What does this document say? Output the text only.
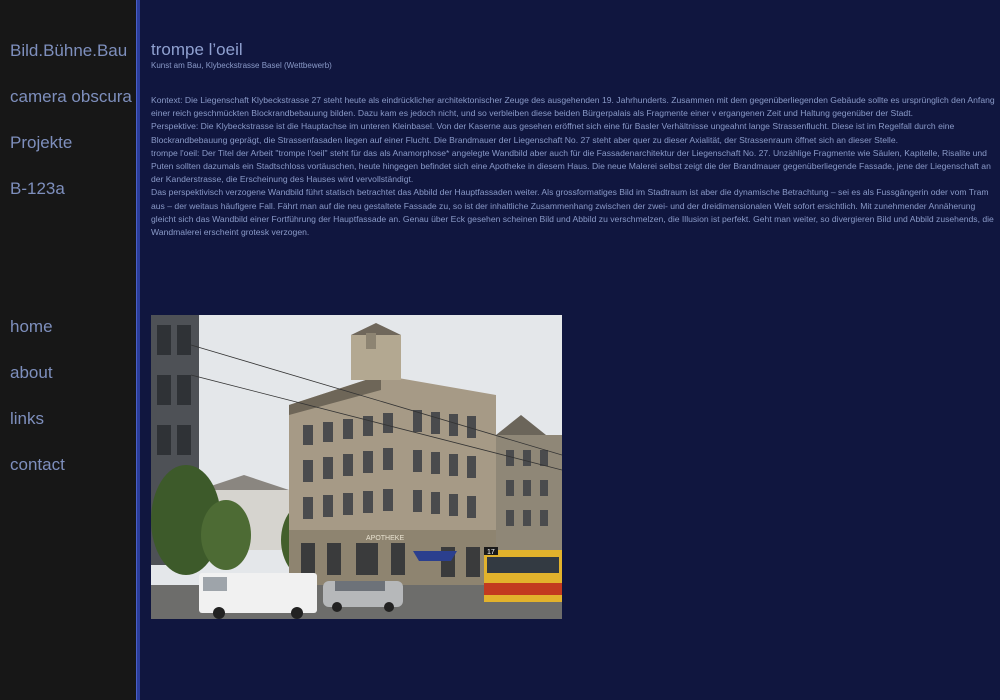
Bild.Bühne.Bau
camera obscura
Projekte
B-123a
home
about
links
contact
trompe l’oeil
Kunst am Bau, Klybeckstrasse Basel (Wettbewerb)

Kontext: Die Liegenschaft Klybeckstrasse 27 steht heute als eindrücklicher architektonischer Zeuge des ausgehenden 19. Jahrhunderts. Zusammen mit dem gegenüberliegenden Gebäude sollte es ursprünglich den Anfang einer reich geschmückten Blockrandbebauung bilden. Dazu kam es jedoch nicht, und so verbleiben diese beiden Bürgerpalais als Fragmente einer v ergangenen Zeit und Haltung gegenüber der Stadt.

Perspektive: Die Klybeckstrasse ist die Hauptachse im unteren Kleinbasel. Von der Kaserne aus gesehen eröffnet sich eine für Basler Verhältnisse ungeahnt lange Strassenflucht. Diese ist im Regelfall durch eine Blockrandbebauung geprägt, die Strassenfasaden liegen auf einer Flucht. Die Brandmauer der Liegenschaft No. 27 steht aber quer zu dieser Axialität, der Strassenraum öffnet sich an dieser Stelle.

trompe l'oeil: Der Titel der Arbeit "trompe l'oeil" steht für das als Anamorphose* angelegte Wandbild aber auch für die Fassadenarchitektur der Liegenschaft No. 27. Unzählige Fragmente wie Säulen, Kapitelle, Risalite und Puten sollten dazumals ein Stadtschloss vortäuschen, heute hingegen befindet sich eine Apotheke in diesem Haus. Die neue Malerei selbst zeigt die der Brandmauer gegenüberliegende Fassade, jene der Liegenschaft an der Kanderstrasse, die Erscheinung des Hauses wird vervollständigt.

Das perspektivisch verzogene Wandbild führt statisch betrachtet das Abbild der Hauptfassaden weiter. Als grossformatiges Bild im Stadtraum ist aber die dynamische Betrachtung – sei es als Fussgängerin oder vom Tram aus – der weitaus häufigere Fall. Fährt man auf die neu gestaltete Fassade zu, so ist der inhaltliche Zusammenhang zwischen der zwei- und der dreidimensionalen Welt sofort ersichtlich. Mit zunehmender Annäherung gleicht sich das Wandbild einer Fortführung der Hauptfassade an. Genau über Eck gesehen scheinen Bild und Abbild zu verschmelzen, die Illusion ist perfekt. Geht man weiter, so divergieren Bild und Abbild zusehends, die Wandmalerei erscheint grotesk verzogen.

APOTHEKE
17
